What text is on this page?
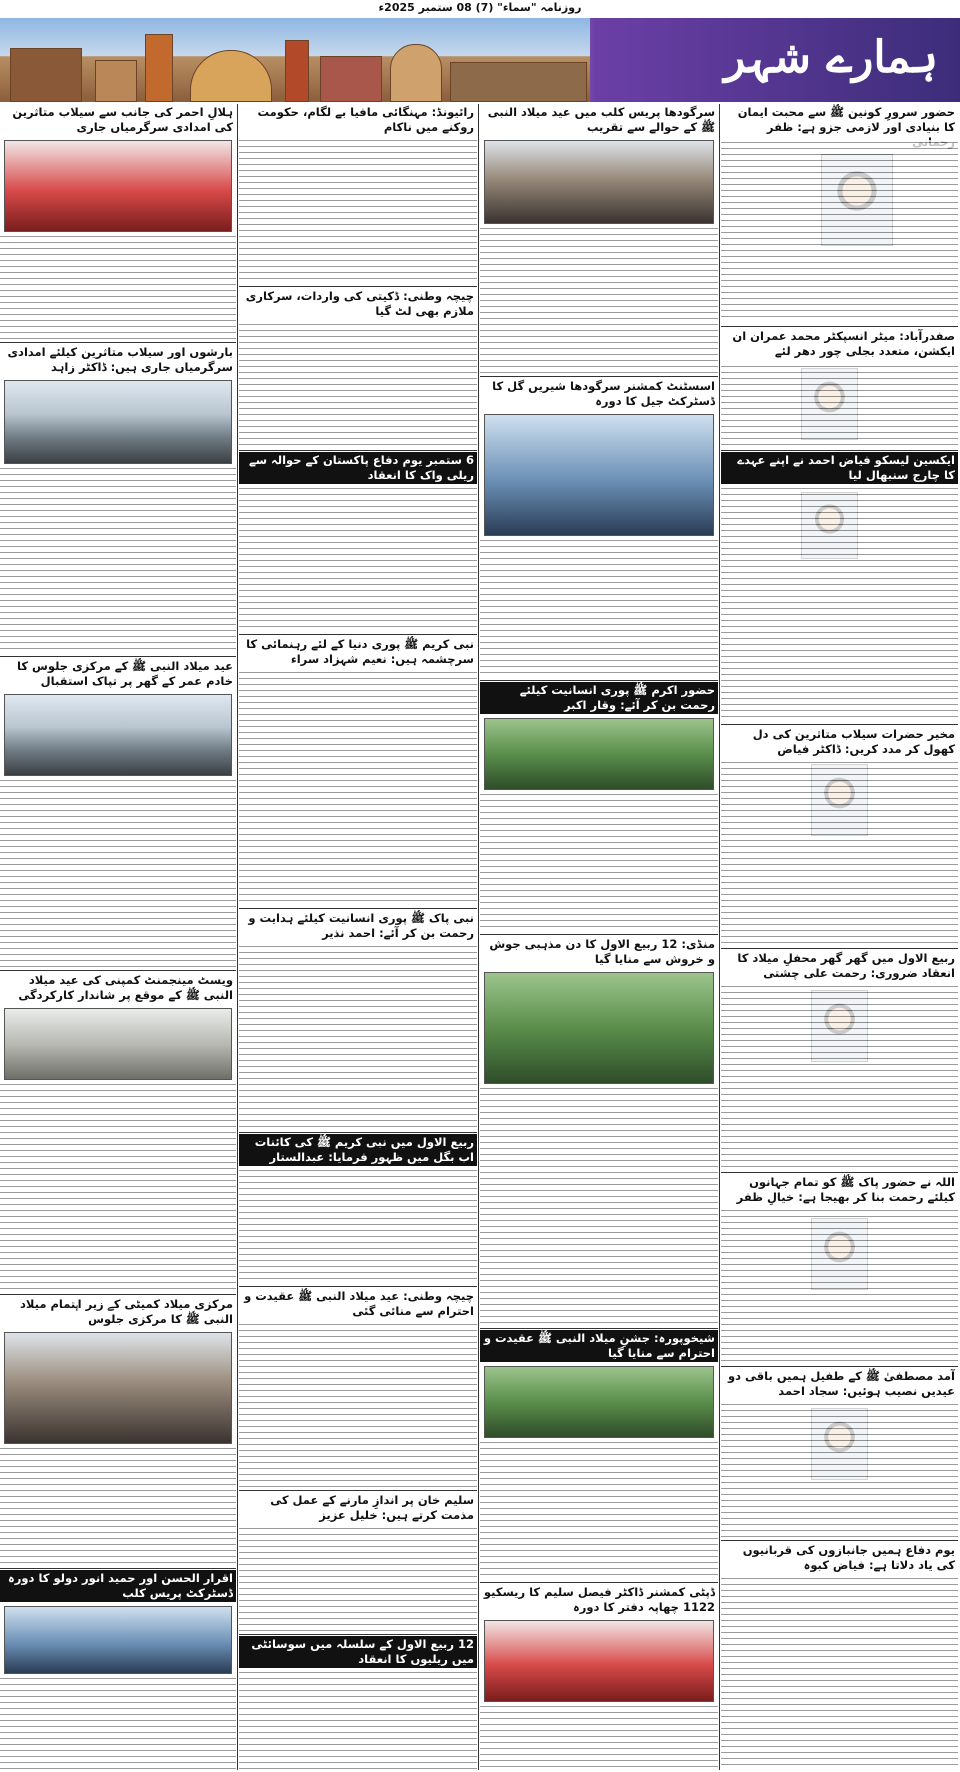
روزنامہ "سماء" (7) 08 ستمبر 2025ء
ہمارے شہر
حضور سرورِ کونین ﷺ سے محبت ایمان کا بنیادی اور لازمی جزو ہے: ظفر
صفدرآباد: میٹر انسپکٹر محمد عمران ان ایکشن، متعدد بجلی چور دھر لئے
ایکسین لیسکو فیاض احمد نے اپنے عہدے کا چارج سنبھال لیا
مخیر حضرات سیلاب متاثرین کی دل کھول کر مدد کریں: ڈاکٹر فیاض
ربیع الاول میں گھر گھر محفلِ میلاد کا انعقاد ضروری: رحمت علی چشتی
اللہ نے حضور پاک ﷺ کو تمام جہانوں کیلئے رحمت بنا کر بھیجا ہے: خیالِ ظفر
آمد مصطفیٰ ﷺ کے طفیل ہمیں باقی دو عیدیں نصیب ہوئیں: سجاد احمد
یوم دفاع ہمیں جانبازوں کی قربانیوں کی یاد دلاتا ہے: فیاض کبوہ
سرگودھا پریس کلب میں عید میلاد النبی ﷺ کے حوالے سے تقریب
اسسٹنٹ کمشنر سرگودھا شیریں گل کا ڈسٹرکٹ جیل کا دورہ
حضور اکرم ﷺ پوری انسانیت کیلئے رحمت بن کر آئے: وقار اکبر
منڈی: 12 ربیع الاول کا دن مذہبی جوش و خروش سے منایا گیا
شیخوپورہ: جشنِ میلاد النبی ﷺ عقیدت و احترام سے منایا گیا
ڈپٹی کمشنر ڈاکٹر فیصل سلیم کا ریسکیو 1122 چھاپہ دفتر کا دورہ
رائیونڈ: مہنگائی مافیا بے لگام، حکومت روکنے میں ناکام
چیچہ وطنی: ڈکیتی کی واردات، سرکاری ملازم بھی لٹ گیا
6 ستمبر یوم دفاع پاکستان کے حوالہ سے ریلی واک کا انعقاد
نبی کریم ﷺ پوری دنیا کے لئے رہنمائی کا سرچشمہ ہیں: نعیم شہزاد سراء
نبی پاک ﷺ پوری انسانیت کیلئے ہدایت و رحمت بن کر آئے: احمد نذیر
ربیع الاول میں نبی کریم ﷺ کی کائنات اب بگل میں ظہور فرمایا: عبدالستار
چیچہ وطنی: عید میلاد النبی ﷺ عقیدت و احترام سے منائی گئی
سلیم خان پر اندازِ مارنے کے عمل کی مذمت کرتے ہیں: خلیل عزیز
12 ربیع الاول کے سلسلہ میں سوسائٹی میں ریلیوں کا انعقاد
ہلالِ احمر کی جانب سے سیلاب متاثرین کی امدادی سرگرمیاں جاری
بارشوں اور سیلاب متاثرین کیلئے امدادی سرگرمیاں جاری ہیں: ڈاکٹر زاہد
عید میلاد النبی ﷺ کے مرکزی جلوس کا خادم عمر کے گھر پر تپاک استقبال
ویسٹ مینجمنٹ کمپنی کی عید میلاد النبی ﷺ کے موقع پر شاندار کارکردگی
مرکزی میلاد کمیٹی کے زیر اہتمام میلاد النبی ﷺ کا مرکزی جلوس
اقرار الحسن اور حمید انور دولو کا دورہ ڈسٹرکٹ پریس کلب
